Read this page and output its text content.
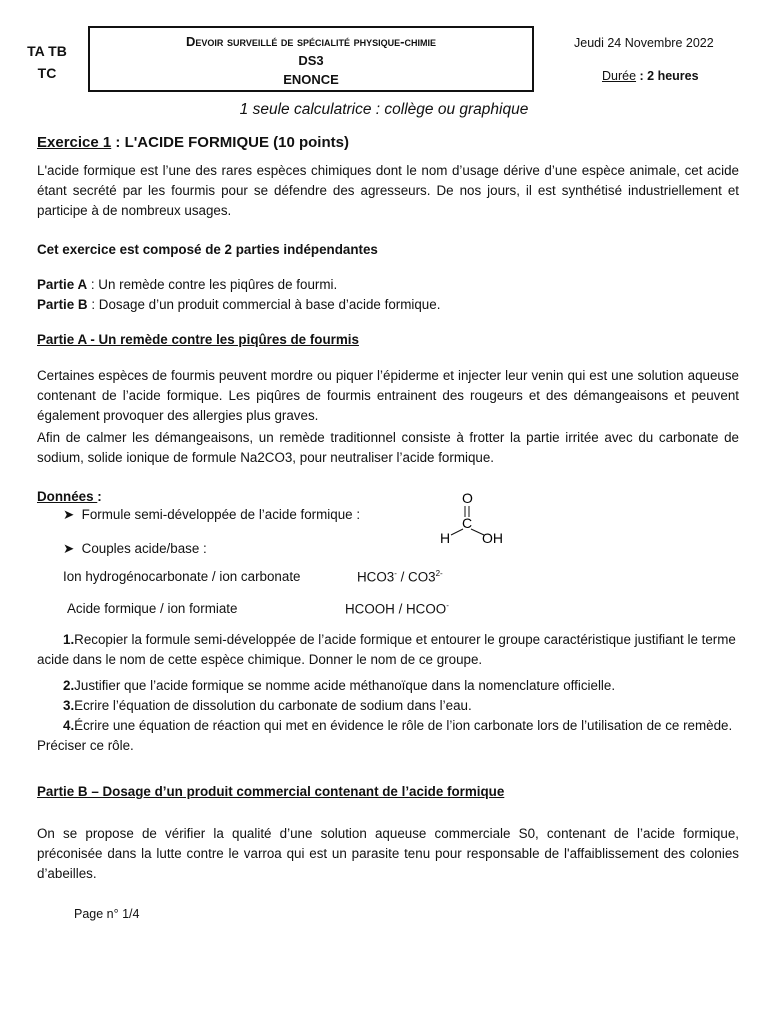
TA TB
TC
Devoir surveillé de spécialité physique-chimie
DS3
ENONCE
Jeudi 24 Novembre 2022
Durée : 2 heures
1 seule calculatrice : collège ou graphique
Exercice 1 : L'ACIDE FORMIQUE (10 points)
L'acide formique est l’une des rares espèces chimiques dont le nom d’usage dérive d’une espèce animale, cet acide étant secrété par les fourmis pour se défendre des agresseurs. De nos jours, il est synthétisé industriellement et participe à de nombreux usages.
Cet exercice est composé de 2 parties indépendantes
Partie A : Un remède contre les piqûres de fourmi.
Partie B : Dosage d’un produit commercial à base d’acide formique.
Partie A - Un remède contre les piqûres de fourmis
Certaines espèces de fourmis peuvent mordre ou piquer l’épiderme et injecter leur venin qui est une solution aqueuse contenant de l’acide formique. Les piqûres de fourmis entrainent des rougeurs et des démangeaisons et peuvent également provoquer des allergies plus graves.
Afin de calmer les démangeaisons, un remède traditionnel consiste à frotter la partie irritée avec du carbonate de sodium, solide ionique de formule Na2CO3, pour neutraliser l’acide formique.
Données :
➤  Formule semi-développée de l’acide formique :
O
C
H OH
➤  Couples acide/base :
Ion hydrogénocarbonate / ion carbonate	$HCO3^- / CO3^{2-}$
Acide formique / ion formiate	HCOOH / HCOO-
1.Recopier la formule semi-développée de l’acide formique et entourer le groupe caractéristique justifiant le terme acide dans le nom de cette espèce chimique. Donner le nom de ce groupe.
2.Justifier que l’acide formique se nomme acide méthanoïque dans la nomenclature officielle.
3.Ecrire l’équation de dissolution du carbonate de sodium dans l’eau.
4.Écrire une équation de réaction qui met en évidence le rôle de l’ion carbonate lors de l’utilisation de ce remède. Préciser ce rôle.
Partie B – Dosage d’un produit commercial contenant de l’acide formique
On se propose de vérifier la qualité d’une solution aqueuse commerciale S0, contenant de l’acide formique, préconisée dans la lutte contre le varroa qui est un parasite tenu pour responsable de l'affaiblissement des colonies d’abeilles.
Page n° 1/4
